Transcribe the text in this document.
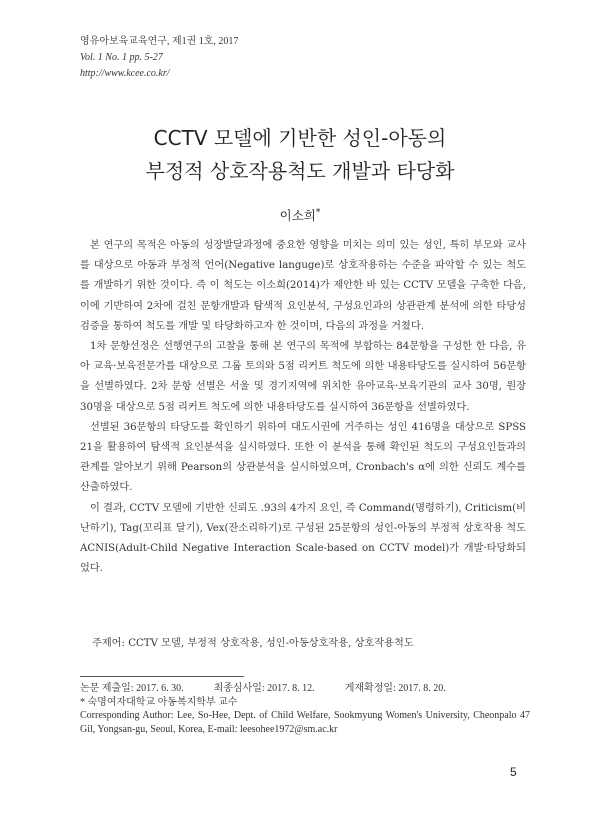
영유아보육교육연구, 제1권 1호, 2017
Vol. 1 No. 1 pp. 5-27
http://www.kcee.co.kr/
CCTV 모델에 기반한 성인-아동의
부정적 상호작용척도 개발과 타당화
이소희*

본 연구의 목적은 아동의 성장발달과정에 중요한 영향을 미치는 의미 있는 성인, 특히 부모와 교사를 대상으로 아동과 부정적 언어(Negative languge)로 상호작용하는 수준을 파악할 수 있는 척도를 개발하기 위한 것이다. 즉 이 척도는 이소희(2014)가 제안한 바 있는 CCTV 모델을 구축한 다음, 이에 기반하여 2차에 걸친 문항개발과 탐색적 요인분석, 구성요인과의 상관관계 분석에 의한 타당성 검증을 통하여 척도를 개발 및 타당화하고자 한 것이며, 다음의 과정을 거쳤다.

1차 문항선정은 선행연구의 고찰을 통해 본 연구의 목적에 부합하는 84문항을 구성한 한 다음, 유아 교육·보육전문가를 대상으로 그룹 토의와 5점 리커트 척도에 의한 내용타당도를 실시하여 56문항을 선별하였다. 2차 문항 선별은 서울 및 경기지역에 위치한 유아교육·보육기관의 교사 30명, 원장 30명을 대상으로 5점 리커트 척도에 의한 내용타당도를 실시하여 36문항을 선별하였다.

선별된 36문항의 타당도를 확인하기 위하여 대도시권에 거주하는 성인 416명을 대상으로 SPSS 21을 활용하여 탐색적 요인분석을 실시하였다. 또한 이 분석을 통해 확인된 척도의 구성요인들과의 관계를 알아보기 위해 Pearson의 상관분석을 실시하였으며, Cronbach's α에 의한 신뢰도 계수를 산출하였다.

이 결과, CCTV 모델에 기반한 신뢰도 .93의 4가지 요인, 즉 Command(명령하기), Criticism(비난하기), Tag(꼬리표 달기), Vex(잔소리하기)로 구성된 25문항의 성인-아동의 부정적 상호작용 척도 ACNIS(Adult-Child Negative Interaction Scale-based on CCTV model)가 개발·타당화되었다.

주제어: CCTV 모델, 부정적 상호작용, 성인-아동상호작용, 상호작용척도
논문 제출일: 2017. 6. 30.	최종심사일: 2017. 8. 12.	게재확정일: 2017. 8. 20.
* 숙명여자대학교 아동복지학부 교수
Corresponding Author: Lee, So-Hee, Dept. of Child Welfare, Sookmyung Women's University, Cheonpalo 47 Gil, Yongsan-gu, Seoul, Korea, E-mail: leesohee1972@sm.ac.kr
5
